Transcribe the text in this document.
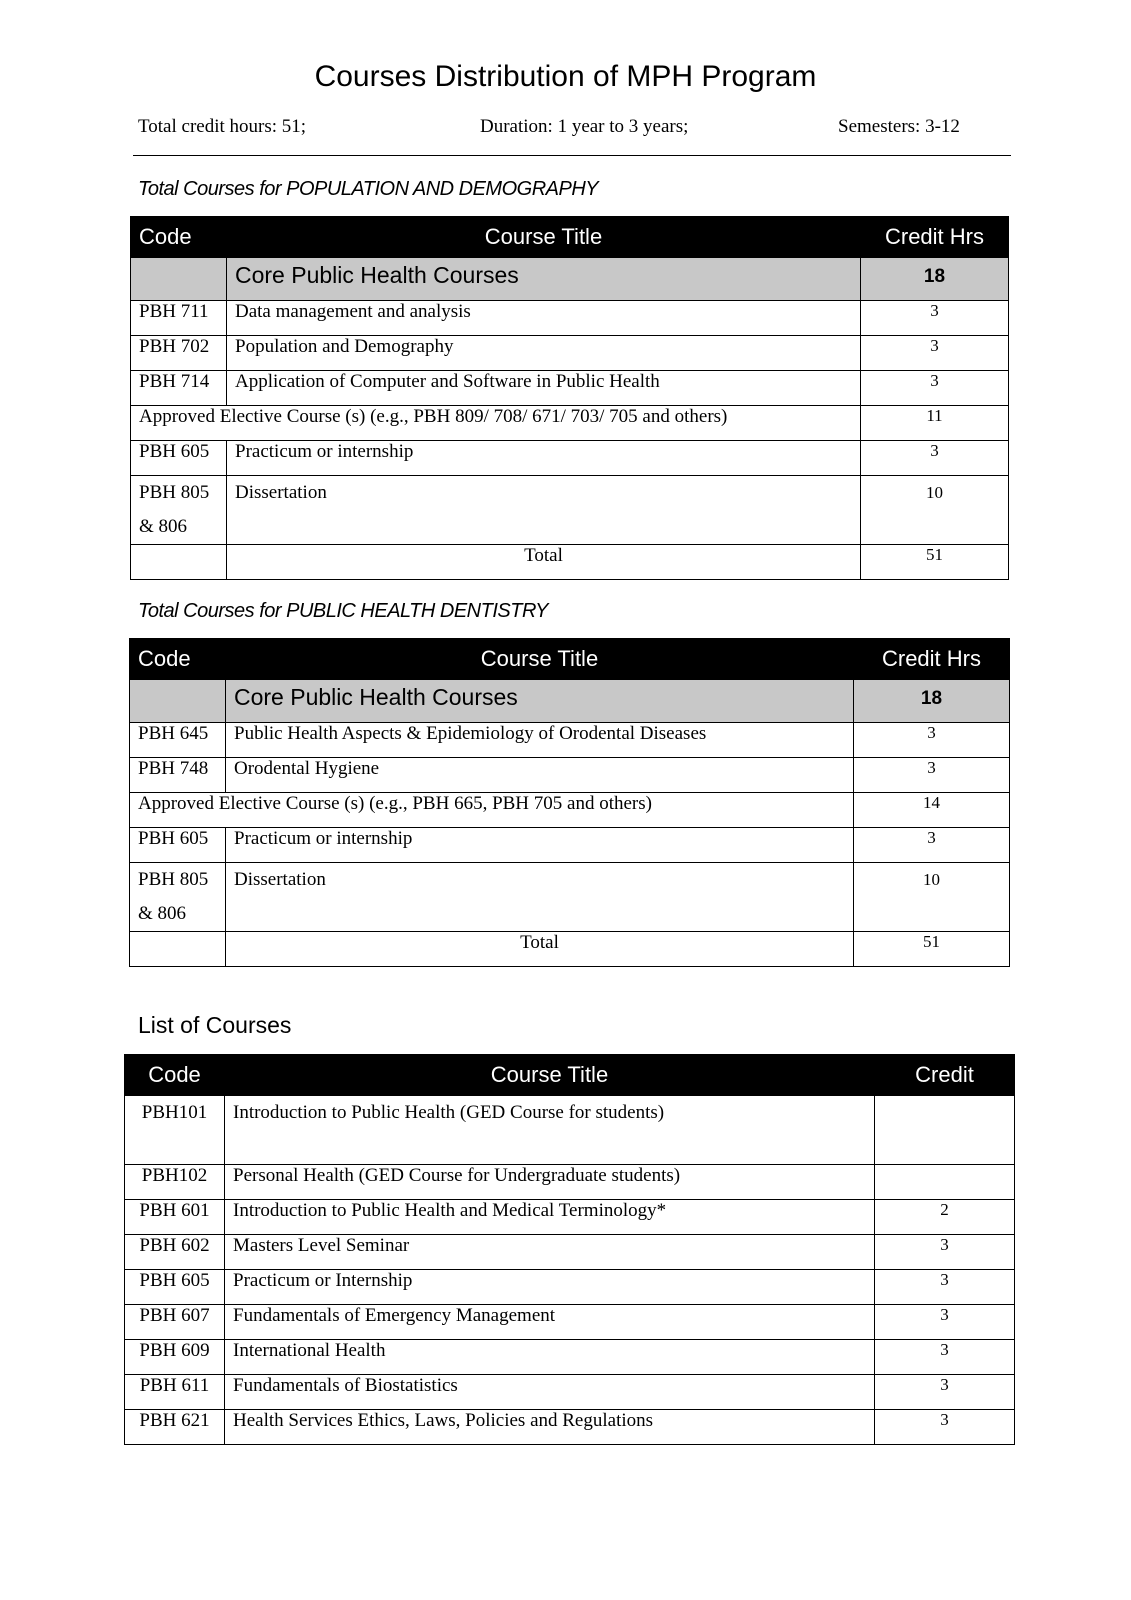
Courses Distribution of MPH Program
Total credit hours: 51;	Duration: 1 year to 3 years;	Semesters: 3-12
Total Courses for POPULATION AND DEMOGRAPHY
Code	Course Title	Credit Hrs
	Core Public Health Courses	18
PBH 711	Data management and analysis	3
PBH 702	Population and Demography	3
PBH 714	Application of Computer and Software in Public Health	3
Approved Elective Course (s) (e.g., PBH 809/ 708/ 671/ 703/ 705 and others)		11
PBH 605	Practicum or internship	3
PBH 805
& 806	Dissertation	10
	Total	51
Total Courses for PUBLIC HEALTH DENTISTRY
Code	Course Title	Credit Hrs
	Core Public Health Courses	18
PBH 645	Public Health Aspects & Epidemiology of Orodental Diseases	3
PBH 748	Orodental Hygiene	3
Approved Elective Course (s) (e.g., PBH 665, PBH 705 and others)		14
PBH 605	Practicum or internship	3
PBH 805
& 806	Dissertation	10
	Total	51
List of Courses
Code	Course Title	Credit
PBH101	Introduction to Public Health (GED Course for students)	

PBH102	Personal Health (GED Course for Undergraduate students)	
PBH 601	Introduction to Public Health and Medical Terminology*	2
PBH 602	Masters Level Seminar	3
PBH 605	Practicum or Internship	3
PBH 607	Fundamentals of Emergency Management	3
PBH 609	International Health	3
PBH 611	Fundamentals of Biostatistics	3
PBH 621	Health Services Ethics, Laws, Policies and Regulations	3
